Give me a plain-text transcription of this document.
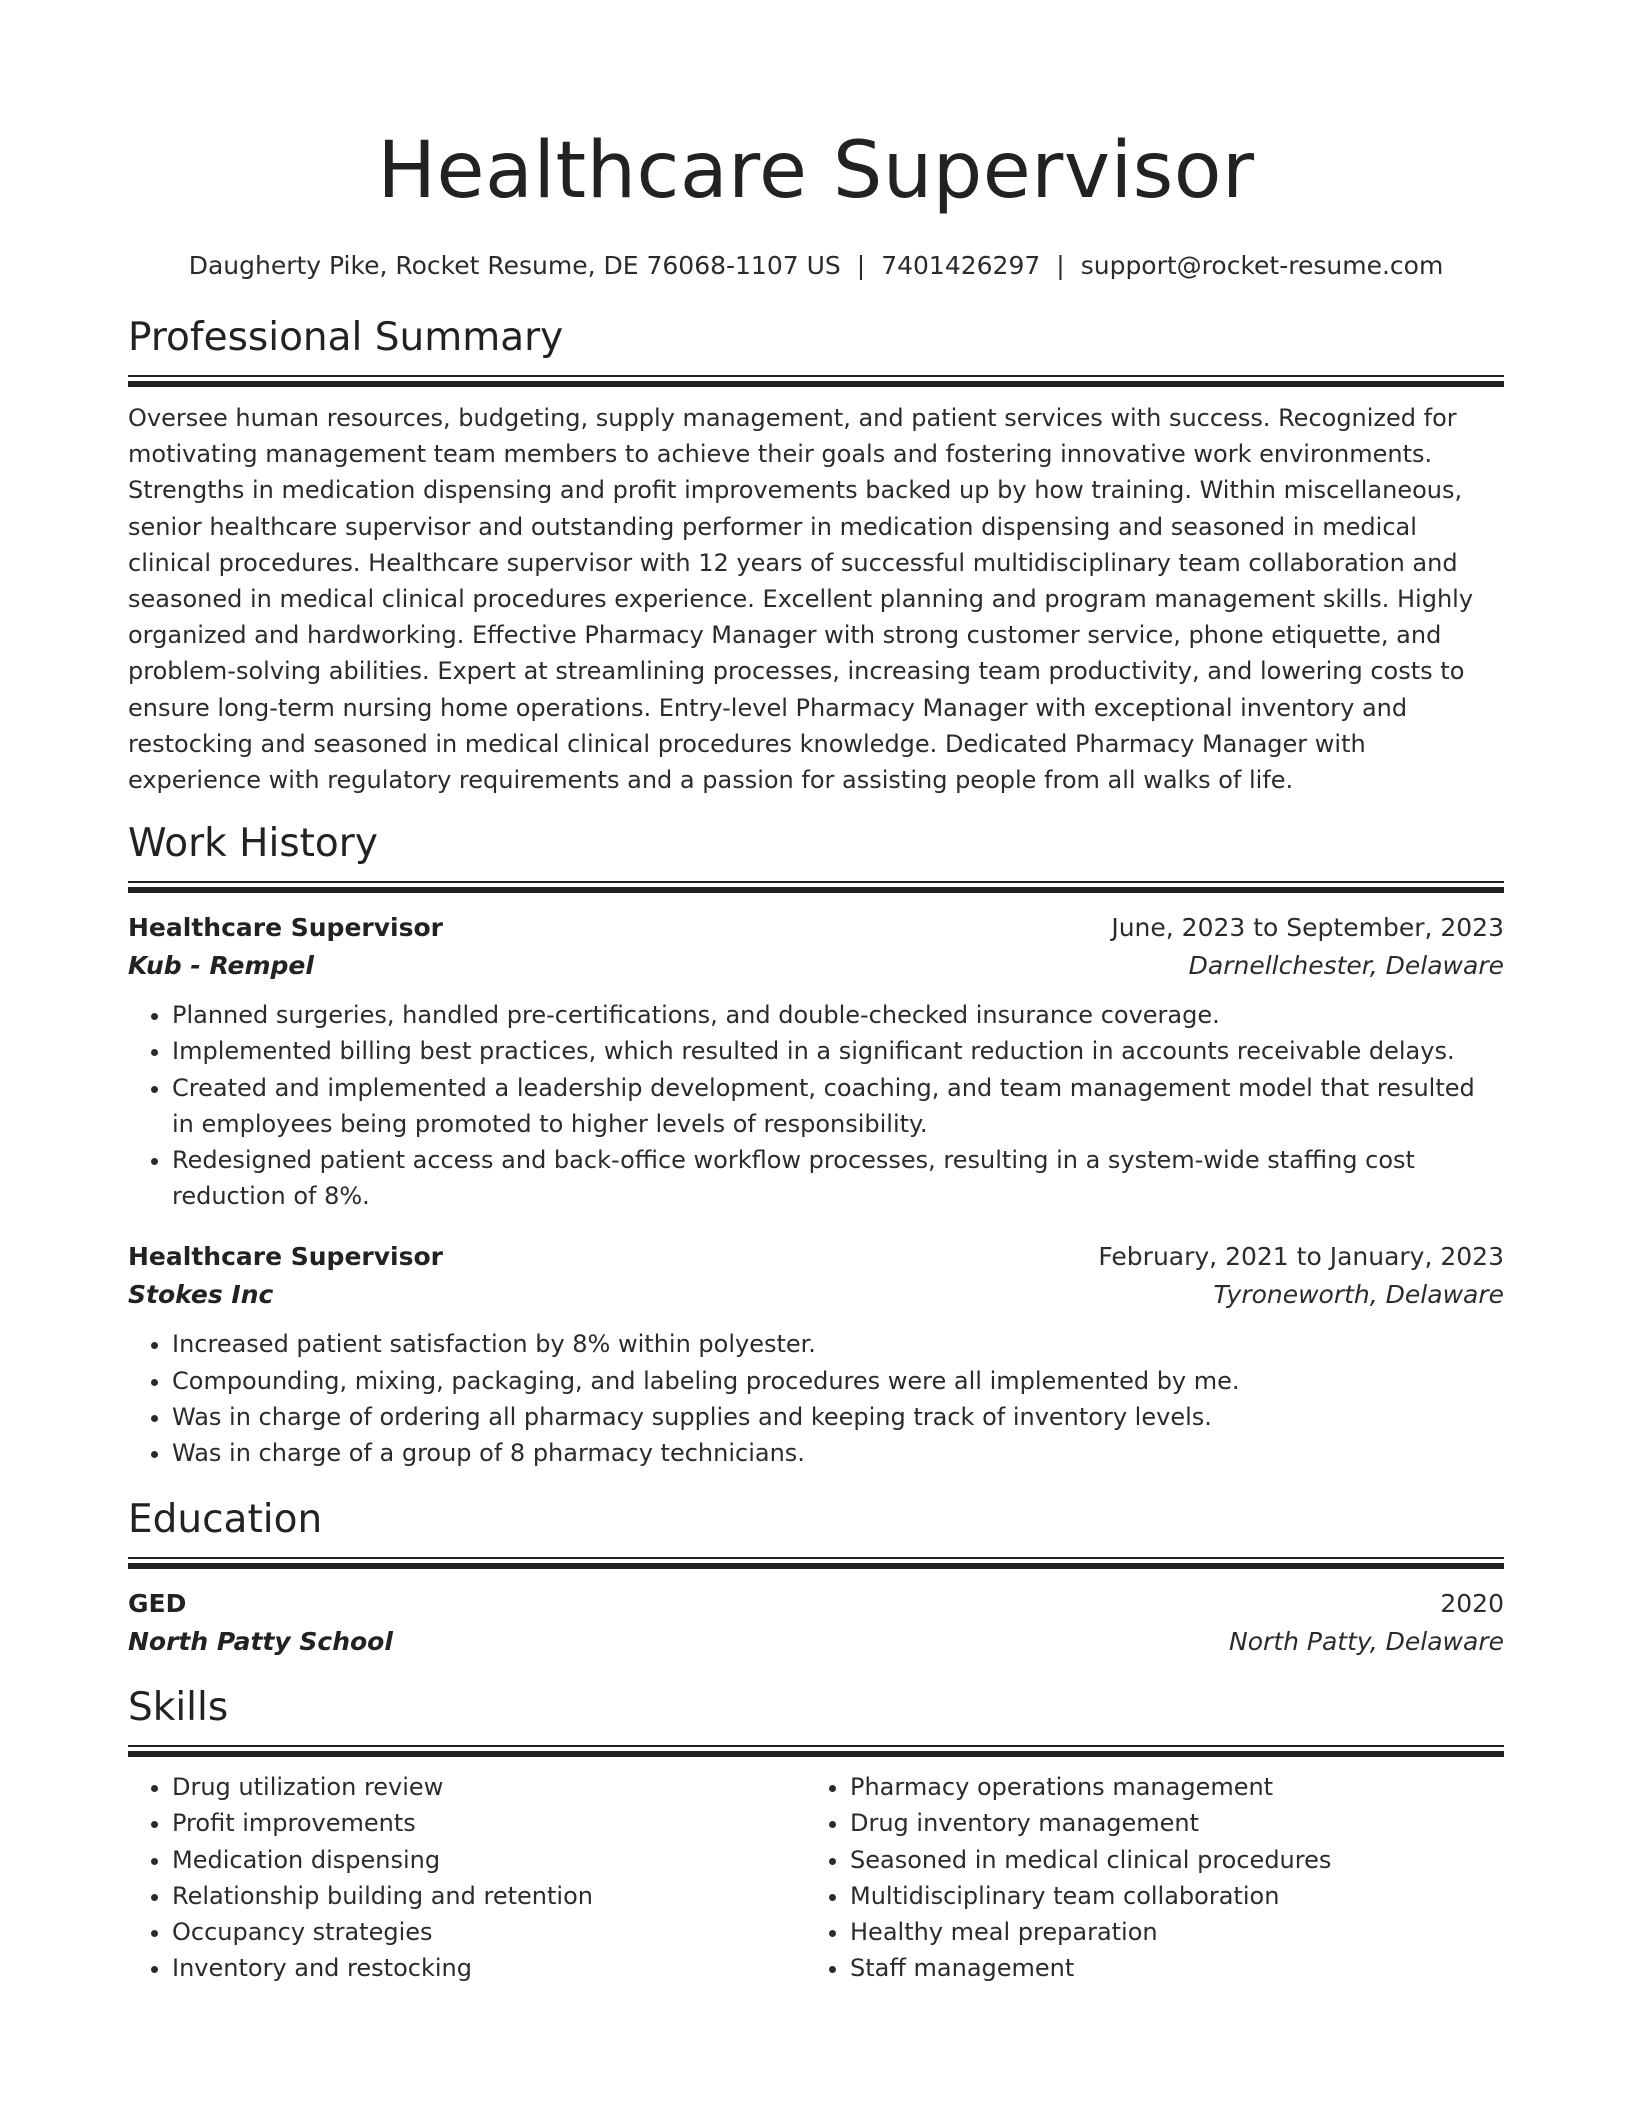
Healthcare Supervisor
Daugherty Pike, Rocket Resume, DE 76068-1107 US | 7401426297 | support@rocket-resume.com
Professional Summary

Oversee human resources, budgeting, supply management, and patient services with success. Recognized for motivating management team members to achieve their goals and fostering innovative work environments. Strengths in medication dispensing and profit improvements backed up by how training. Within miscellaneous, senior healthcare supervisor and outstanding performer in medication dispensing and seasoned in medical clinical procedures. Healthcare supervisor with 12 years of successful multidisciplinary team collaboration and seasoned in medical clinical procedures experience. Excellent planning and program management skills. Highly organized and hardworking. Effective Pharmacy Manager with strong customer service, phone etiquette, and problem-solving abilities. Expert at streamlining processes, increasing team productivity, and lowering costs to ensure long-term nursing home operations. Entry-level Pharmacy Manager with exceptional inventory and restocking and seasoned in medical clinical procedures knowledge. Dedicated Pharmacy Manager with experience with regulatory requirements and a passion for assisting people from all walks of life.

Work History
Healthcare Supervisor	June, 2023 to September, 2023
Kub - Rempel	Darnellchester, Delaware
• Planned surgeries, handled pre-certifications, and double-checked insurance coverage.
• Implemented billing best practices, which resulted in a significant reduction in accounts receivable delays.
• Created and implemented a leadership development, coaching, and team management model that resulted in employees being promoted to higher levels of responsibility.
• Redesigned patient access and back-office workflow processes, resulting in a system-wide staffing cost reduction of 8%.
Healthcare Supervisor	February, 2021 to January, 2023
Stokes Inc	Tyroneworth, Delaware
• Increased patient satisfaction by 8% within polyester.
• Compounding, mixing, packaging, and labeling procedures were all implemented by me.
• Was in charge of ordering all pharmacy supplies and keeping track of inventory levels.
• Was in charge of a group of 8 pharmacy technicians.
Education
GED	2020
North Patty School	North Patty, Delaware
Skills
• Drug utilization review
• Profit improvements
• Medication dispensing
• Relationship building and retention
• Occupancy strategies
• Inventory and restocking
• Pharmacy operations management
• Drug inventory management
• Seasoned in medical clinical procedures
• Multidisciplinary team collaboration
• Healthy meal preparation
• Staff management
